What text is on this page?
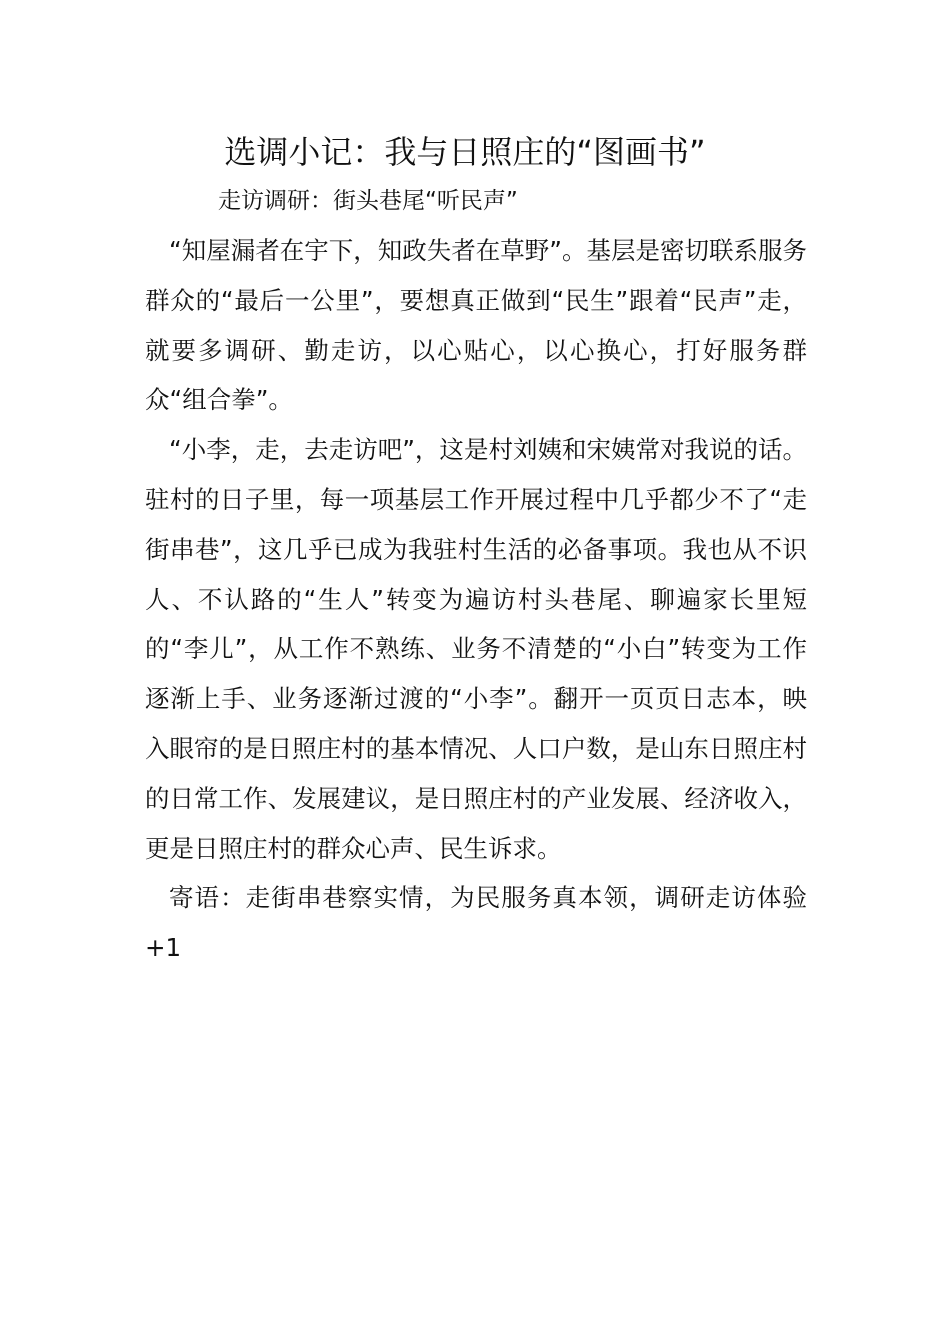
选调小记：我与日照庄的“图画书”
走访调研：街头巷尾“听民声”

“知屋漏者在宇下，知政失者在草野”。基层是密切联系服务群众的“最后一公里”，要想真正做到“民生”跟着“民声”走，就要多调研、勤走访，以心贴心，以心换心，打好服务群众“组合拳”。

“小李，走，去走访吧”，这是村刘姨和宋姨常对我说的话。驻村的日子里，每一项基层工作开展过程中几乎都少不了“走街串巷”，这几乎已成为我驻村生活的必备事项。我也从不识人、不认路的“生人”转变为遍访村头巷尾、聊遍家长里短的“李儿”，从工作不熟练、业务不清楚的“小白”转变为工作逐渐上手、业务逐渐过渡的“小李”。翻开一页页日志本，映入眼帘的是日照庄村的基本情况、人口户数，是山东日照庄村的日常工作、发展建议，是日照庄村的产业发展、经济收入，更是日照庄村的群众心声、民生诉求。

寄语：走街串巷察实情，为民服务真本领，调研走访体验+1
